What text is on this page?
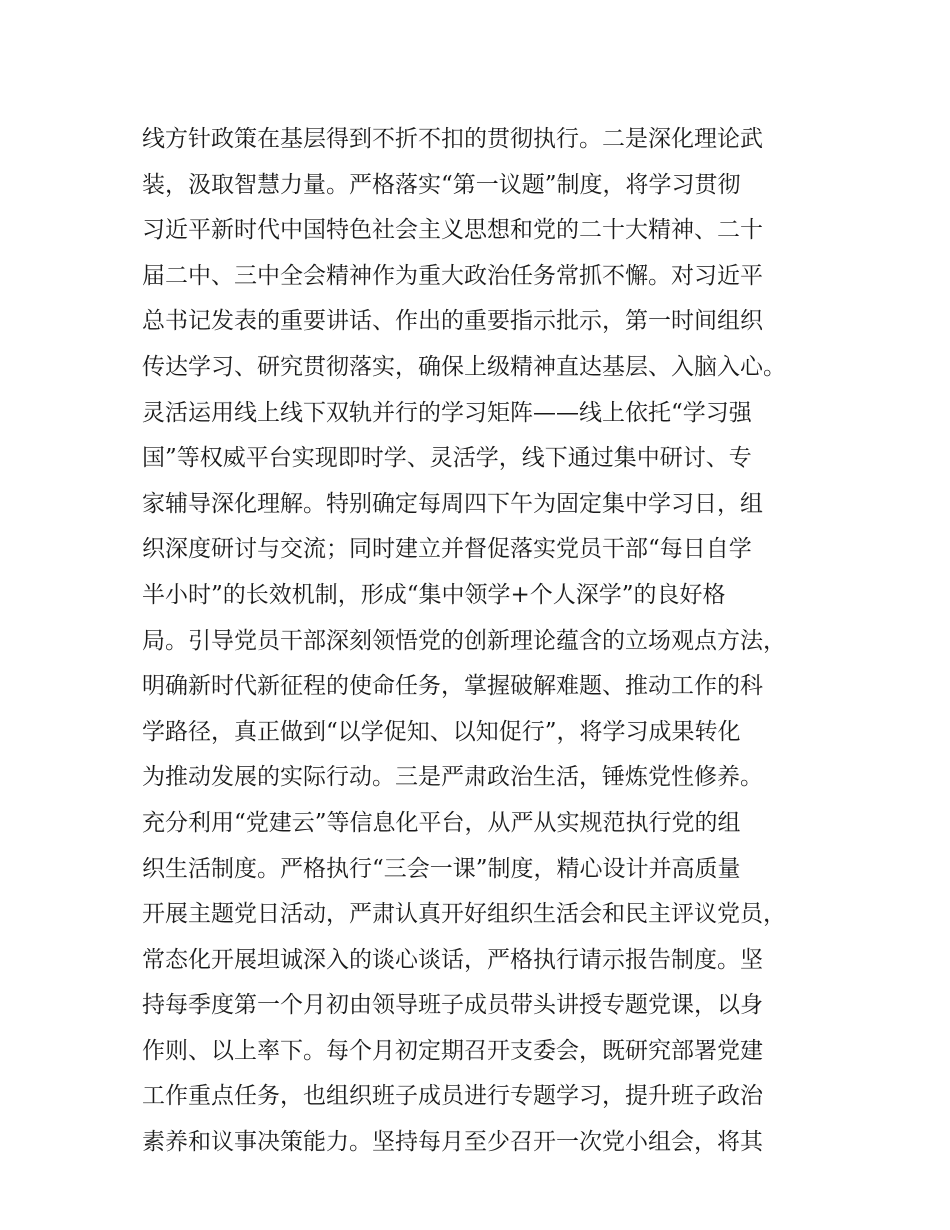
线方针政策在基层得到不折不扣的贯彻执行。二是深化理论武
装，汲取智慧力量。严格落实“第一议题”制度，将学习贯彻
习近平新时代中国特色社会主义思想和党的二十大精神、二十
届二中、三中全会精神作为重大政治任务常抓不懈。对习近平
总书记发表的重要讲话、作出的重要指示批示，第一时间组织
传达学习、研究贯彻落实，确保上级精神直达基层、入脑入心。
灵活运用线上线下双轨并行的学习矩阵——线上依托“学习强
国”等权威平台实现即时学、灵活学，线下通过集中研讨、专
家辅导深化理解。特别确定每周四下午为固定集中学习日，组
织深度研讨与交流；同时建立并督促落实党员干部“每日自学
半小时”的长效机制，形成“集中领学+个人深学”的良好格
局。引导党员干部深刻领悟党的创新理论蕴含的立场观点方法，
明确新时代新征程的使命任务，掌握破解难题、推动工作的科
学路径，真正做到“以学促知、以知促行”，将学习成果转化
为推动发展的实际行动。三是严肃政治生活，锤炼党性修养。
充分利用“党建云”等信息化平台，从严从实规范执行党的组
织生活制度。严格执行“三会一课”制度，精心设计并高质量
开展主题党日活动，严肃认真开好组织生活会和民主评议党员，
常态化开展坦诚深入的谈心谈话，严格执行请示报告制度。坚
持每季度第一个月初由领导班子成员带头讲授专题党课，以身
作则、以上率下。每个月初定期召开支委会，既研究部署党建
工作重点任务，也组织班子成员进行专题学习，提升班子政治
素养和议事决策能力。坚持每月至少召开一次党小组会，将其
